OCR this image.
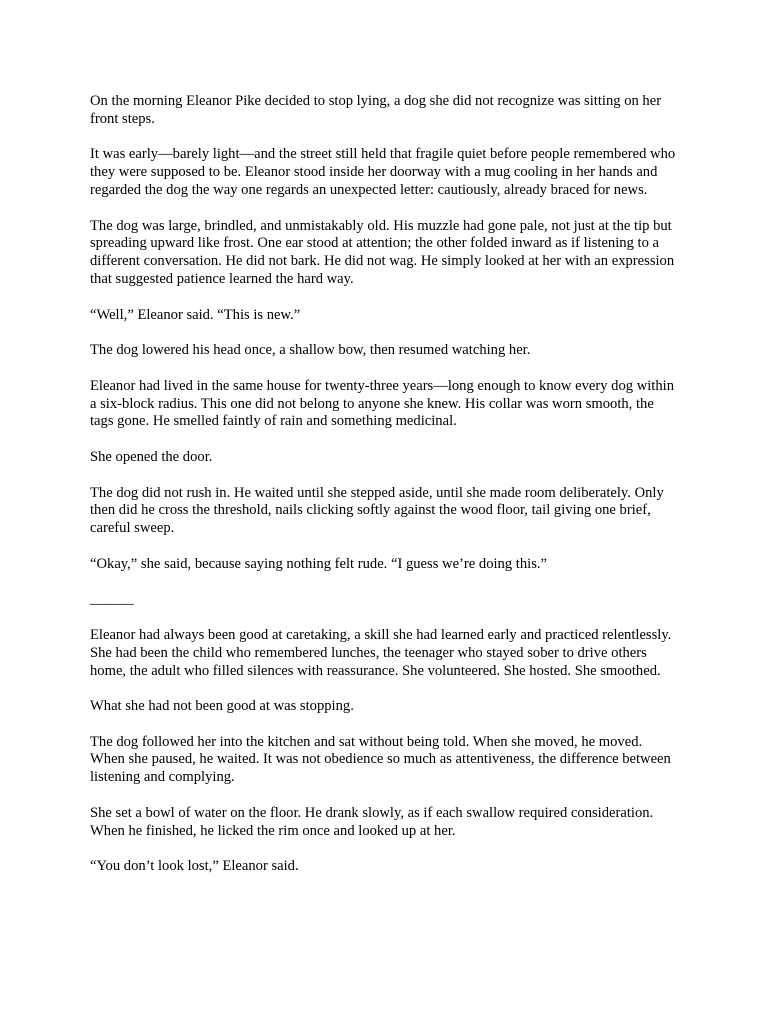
On the morning Eleanor Pike decided to stop lying, a dog she did not recognize was sitting on her front steps.

It was early—barely light—and the street still held that fragile quiet before people remembered who they were supposed to be. Eleanor stood inside her doorway with a mug cooling in her hands and regarded the dog the way one regards an unexpected letter: cautiously, already braced for news.

The dog was large, brindled, and unmistakably old. His muzzle had gone pale, not just at the tip but spreading upward like frost. One ear stood at attention; the other folded inward as if listening to a different conversation. He did not bark. He did not wag. He simply looked at her with an expression that suggested patience learned the hard way.

“Well,” Eleanor said. “This is new.”

The dog lowered his head once, a shallow bow, then resumed watching her.

Eleanor had lived in the same house for twenty-three years—long enough to know every dog within a six-block radius. This one did not belong to anyone she knew. His collar was worn smooth, the tags gone. He smelled faintly of rain and something medicinal.

She opened the door.

The dog did not rush in. He waited until she stepped aside, until she made room deliberately. Only then did he cross the threshold, nails clicking softly against the wood floor, tail giving one brief, careful sweep.

“Okay,” she said, because saying nothing felt rude. “I guess we’re doing this.”

______

Eleanor had always been good at caretaking, a skill she had learned early and practiced relentlessly. She had been the child who remembered lunches, the teenager who stayed sober to drive others home, the adult who filled silences with reassurance. She volunteered. She hosted. She smoothed.

What she had not been good at was stopping.

The dog followed her into the kitchen and sat without being told. When she moved, he moved. When she paused, he waited. It was not obedience so much as attentiveness, the difference between listening and complying.

She set a bowl of water on the floor. He drank slowly, as if each swallow required consideration. When he finished, he licked the rim once and looked up at her.

“You don’t look lost,” Eleanor said.
